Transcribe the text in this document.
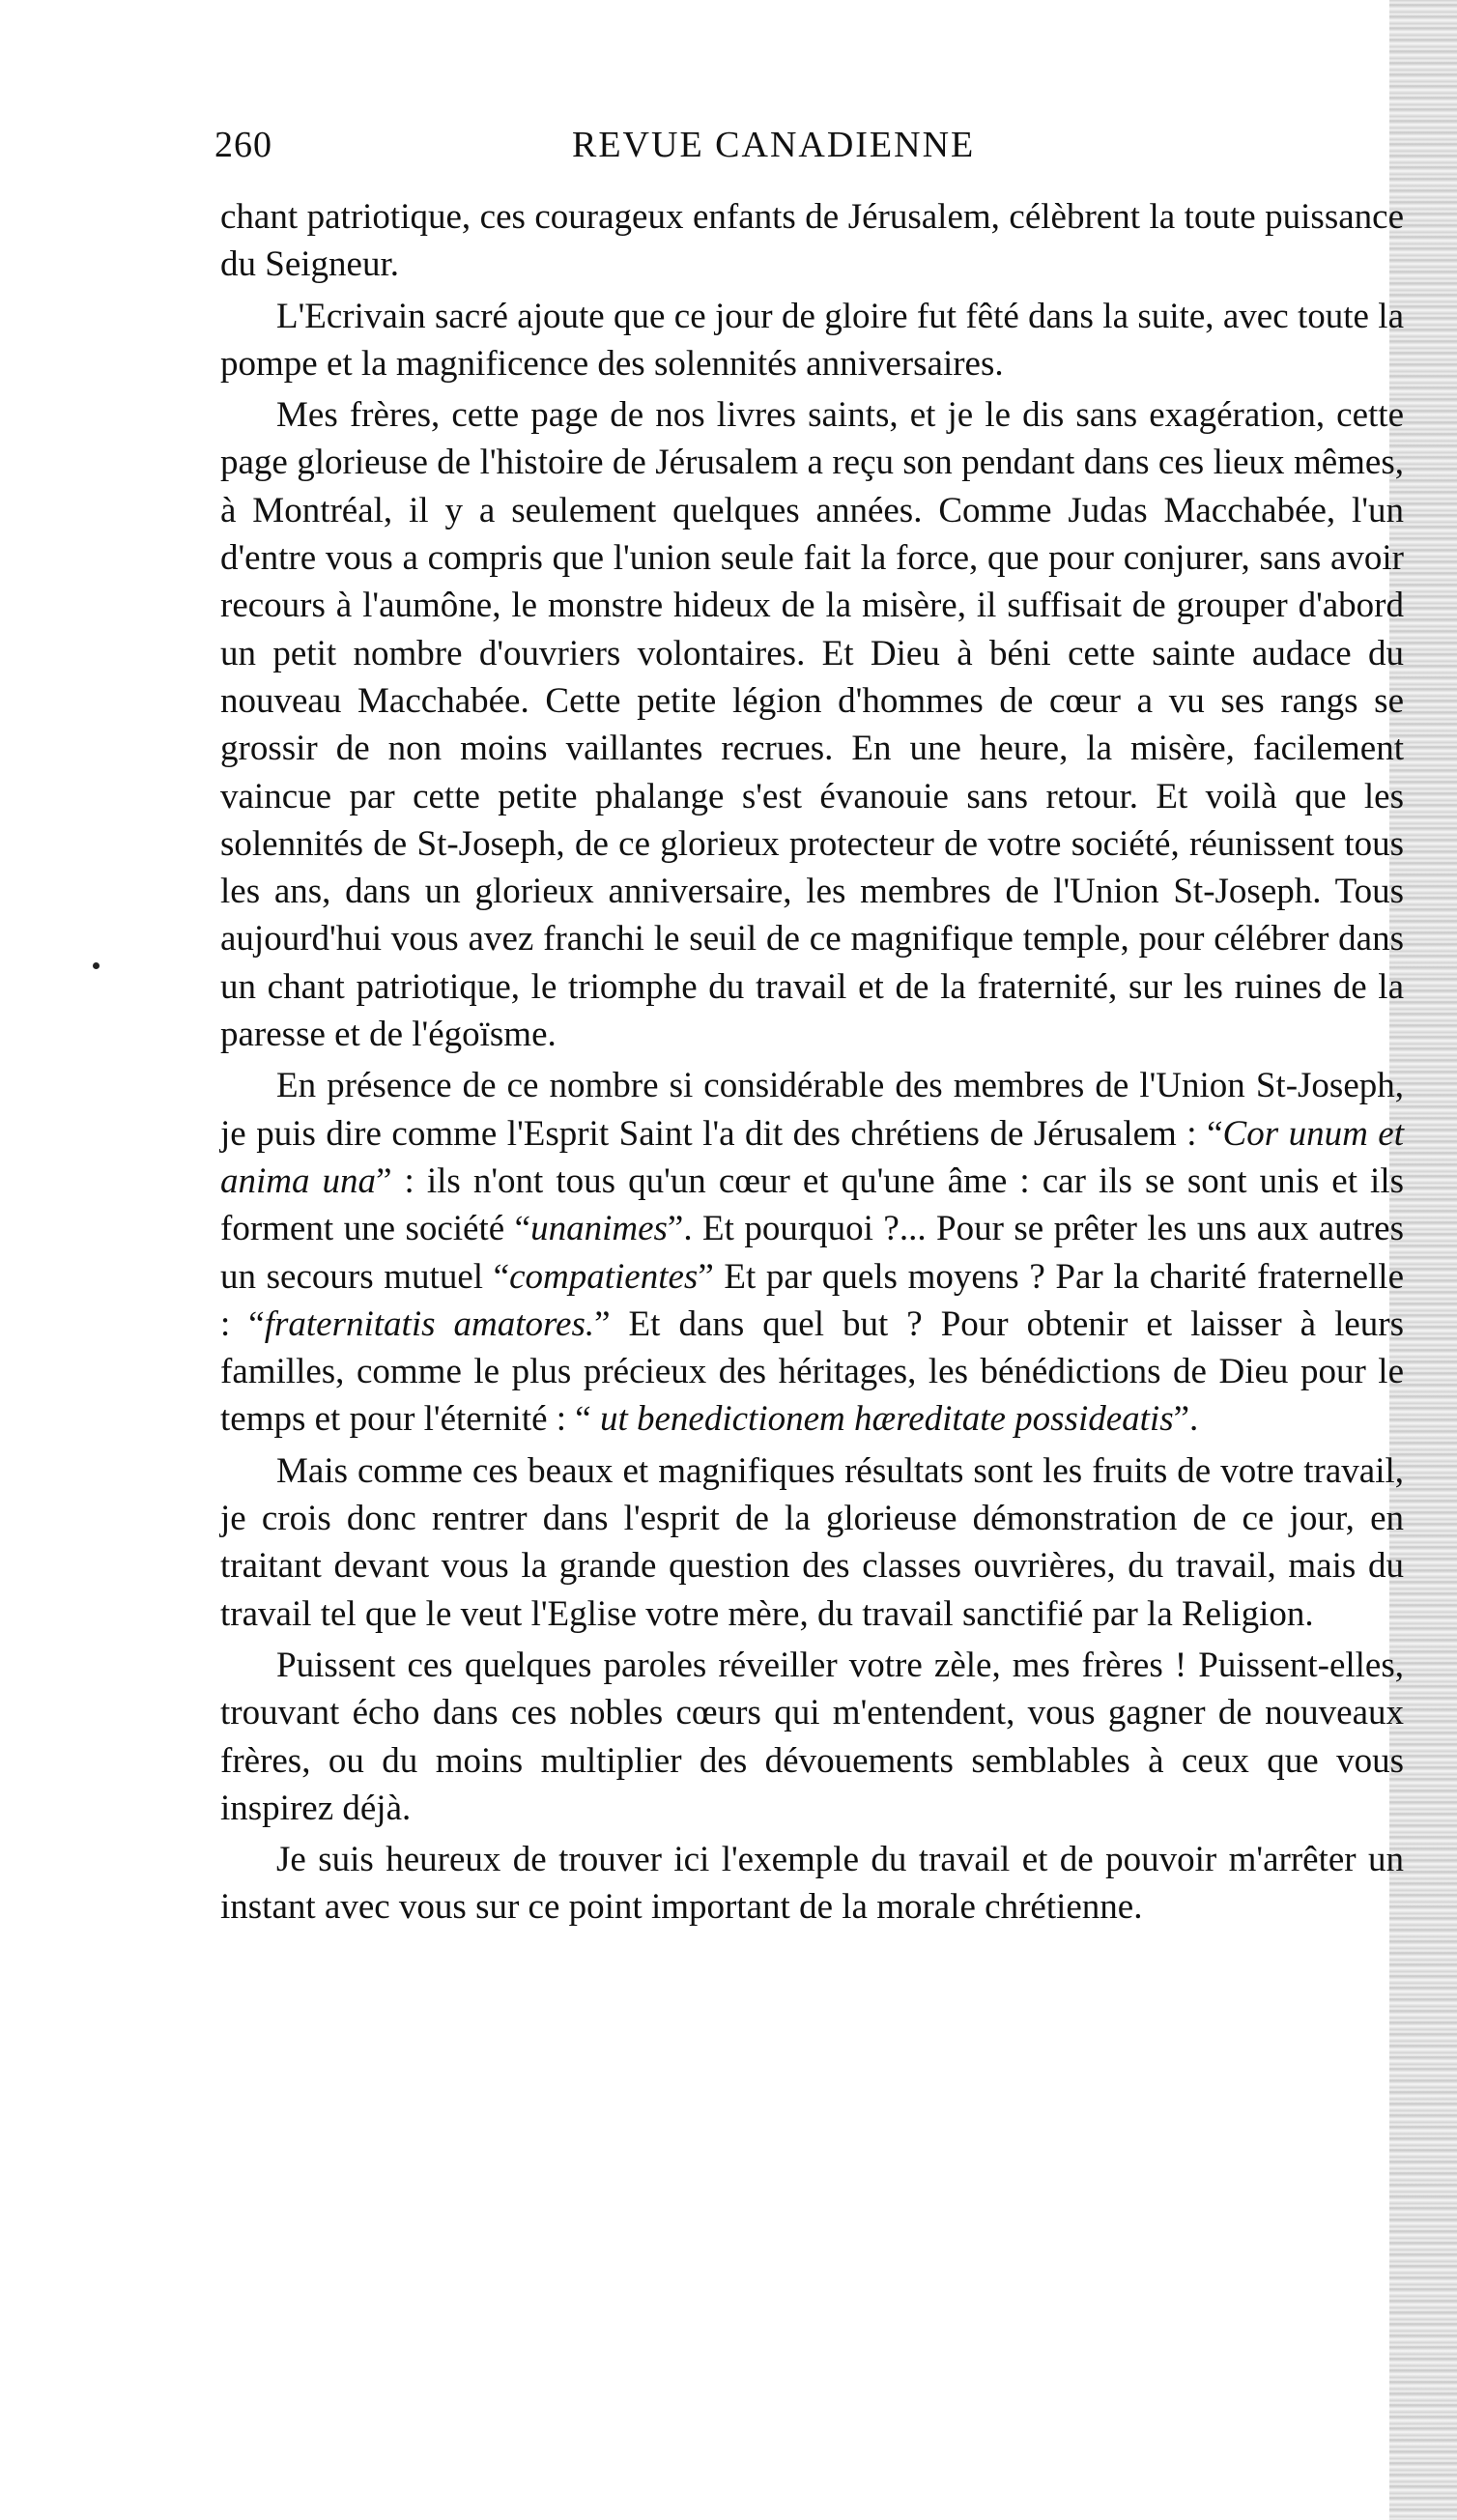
260	REVUE CANADIENNE

chant patriotique, ces courageux enfants de Jérusalem, célèbrent la toute puissance du Seigneur.

L'Ecrivain sacré ajoute que ce jour de gloire fut fêté dans la suite, avec toute la pompe et la magnificence des solennités anniversaires.

Mes frères, cette page de nos livres saints, et je le dis sans exagération, cette page glorieuse de l'histoire de Jérusalem a reçu son pendant dans ces lieux mêmes, à Montréal, il y a seulement quelques années. Comme Judas Macchabée, l'un d'entre vous a compris que l'union seule fait la force, que pour conjurer, sans avoir recours à l'aumône, le monstre hideux de la misère, il suffisait de grouper d'abord un petit nombre d'ouvriers volontaires. Et Dieu à béni cette sainte audace du nouveau Macchabée. Cette petite légion d'hommes de cœur a vu ses rangs se grossir de non moins vaillantes recrues. En une heure, la misère, facilement vaincue par cette petite phalange s'est évanouie sans retour. Et voilà que les solennités de St-Joseph, de ce glorieux protecteur de votre société, réunissent tous les ans, dans un glorieux anniversaire, les membres de l'Union St-Joseph. Tous aujourd'hui vous avez franchi le seuil de ce magnifique temple, pour célébrer dans un chant patriotique, le triomphe du travail et de la fraternité, sur les ruines de la paresse et de l'égoïsme.

En présence de ce nombre si considérable des membres de l'Union St-Joseph, je puis dire comme l'Esprit Saint l'a dit des chrétiens de Jérusalem : “Cor unum et anima una” : ils n'ont tous qu'un cœur et qu'une âme : car ils se sont unis et ils forment une société “unanimes”. Et pourquoi ?... Pour se prêter les uns aux autres un secours mutuel “compatientes” Et par quels moyens ? Par la charité fraternelle : “fraternitatis amatores.” Et dans quel but ? Pour obtenir et laisser à leurs familles, comme le plus précieux des héritages, les bénédictions de Dieu pour le temps et pour l'éternité : “ ut benedictionem hæreditate possideatis”.

Mais comme ces beaux et magnifiques résultats sont les fruits de votre travail, je crois donc rentrer dans l'esprit de la glorieuse démonstration de ce jour, en traitant devant vous la grande question des classes ouvrières, du travail, mais du travail tel que le veut l'Eglise votre mère, du travail sanctifié par la Religion.

Puissent ces quelques paroles réveiller votre zèle, mes frères ! Puissent-elles, trouvant écho dans ces nobles cœurs qui m'entendent, vous gagner de nouveaux frères, ou du moins multiplier des dévouements semblables à ceux que vous inspirez déjà.

Je suis heureux de trouver ici l'exemple du travail et de pouvoir m'arrêter un instant avec vous sur ce point important de la morale chrétienne.
